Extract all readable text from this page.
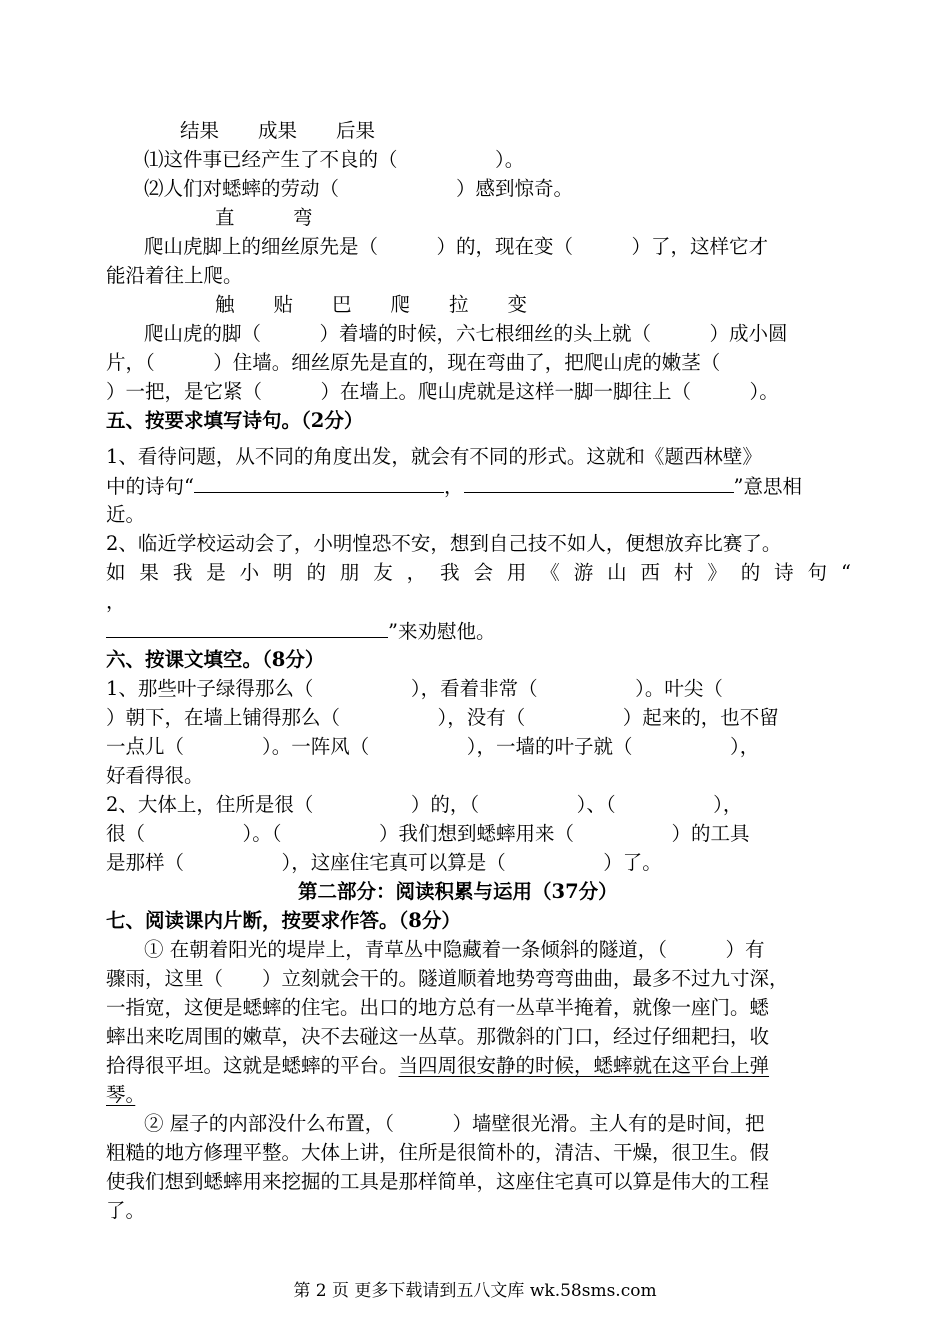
结果　　成果　　后果
⑴这件事已经产生了不良的（　　　　　）。
⑵人们对蟋蟀的劳动（　　　　　　）感到惊奇。
直　　　弯
爬山虎脚上的细丝原先是（　　　）的，现在变（　　　）了，这样它才
能沿着往上爬。
触　　贴　　巴　　爬　　拉　　变
爬山虎的脚（　　　）着墙的时候，六七根细丝的头上就（　　　）成小圆
片，（　　　）住墙。细丝原先是直的，现在弯曲了，把爬山虎的嫩茎（
）一把，是它紧（　　　）在墙上。爬山虎就是这样一脚一脚往上（　　　）。
五、按要求填写诗句。（2分）
1、看待问题，从不同的角度出发，就会有不同的形式。这就和《题西林壁》
中的诗句“	，	”意思相
近。
2、临近学校运动会了，小明惶恐不安，想到自己技不如人，便想放弃比赛了。
如 果 我 是 小 明 的 朋 友 ， 我 会 用 《 游 山 西 村 》 的 诗 句 “
，
”来劝慰他。
六、按课文填空。（8分）
1、那些叶子绿得那么（　　　　　），看着非常（　　　　　）。叶尖（
）朝下，在墙上铺得那么（　　　　　），没有（　　　　　）起来的，也不留
一点儿（　　　　）。一阵风（　　　　　），一墙的叶子就（　　　　　），
好看得很。
2、大体上，住所是很（　　　　　）的，（　　　　　）、（　　　　　），
很（　　　　　）。（　　　　　）我们想到蟋蟀用来（　　　　　）的工具
是那样（　　　　　），这座住宅真可以算是（　　　　　）了。
第二部分：阅读积累与运用（37分）
七、阅读课内片断，按要求作答。（8分）
① 在朝着阳光的堤岸上，青草丛中隐藏着一条倾斜的隧道，（　　　）有
骤雨，这里（　　）立刻就会干的。隧道顺着地势弯弯曲曲，最多不过九寸深，
一指宽，这便是蟋蟀的住宅。出口的地方总有一丛草半掩着，就像一座门。蟋
蟀出来吃周围的嫩草，决不去碰这一丛草。那微斜的门口，经过仔细耙扫，收
拾得很平坦。这就是蟋蟀的平台。当四周很安静的时候，蟋蟀就在这平台上弹
琴。　
② 屋子的内部没什么布置，（　　　）墙壁很光滑。主人有的是时间，把
粗糙的地方修理平整。大体上讲，住所是很简朴的，清洁、干燥，很卫生。假
使我们想到蟋蟀用来挖掘的工具是那样简单，这座住宅真可以算是伟大的工程
了。
第 2 页 更多下载请到五八文库 wk.58sms.com
